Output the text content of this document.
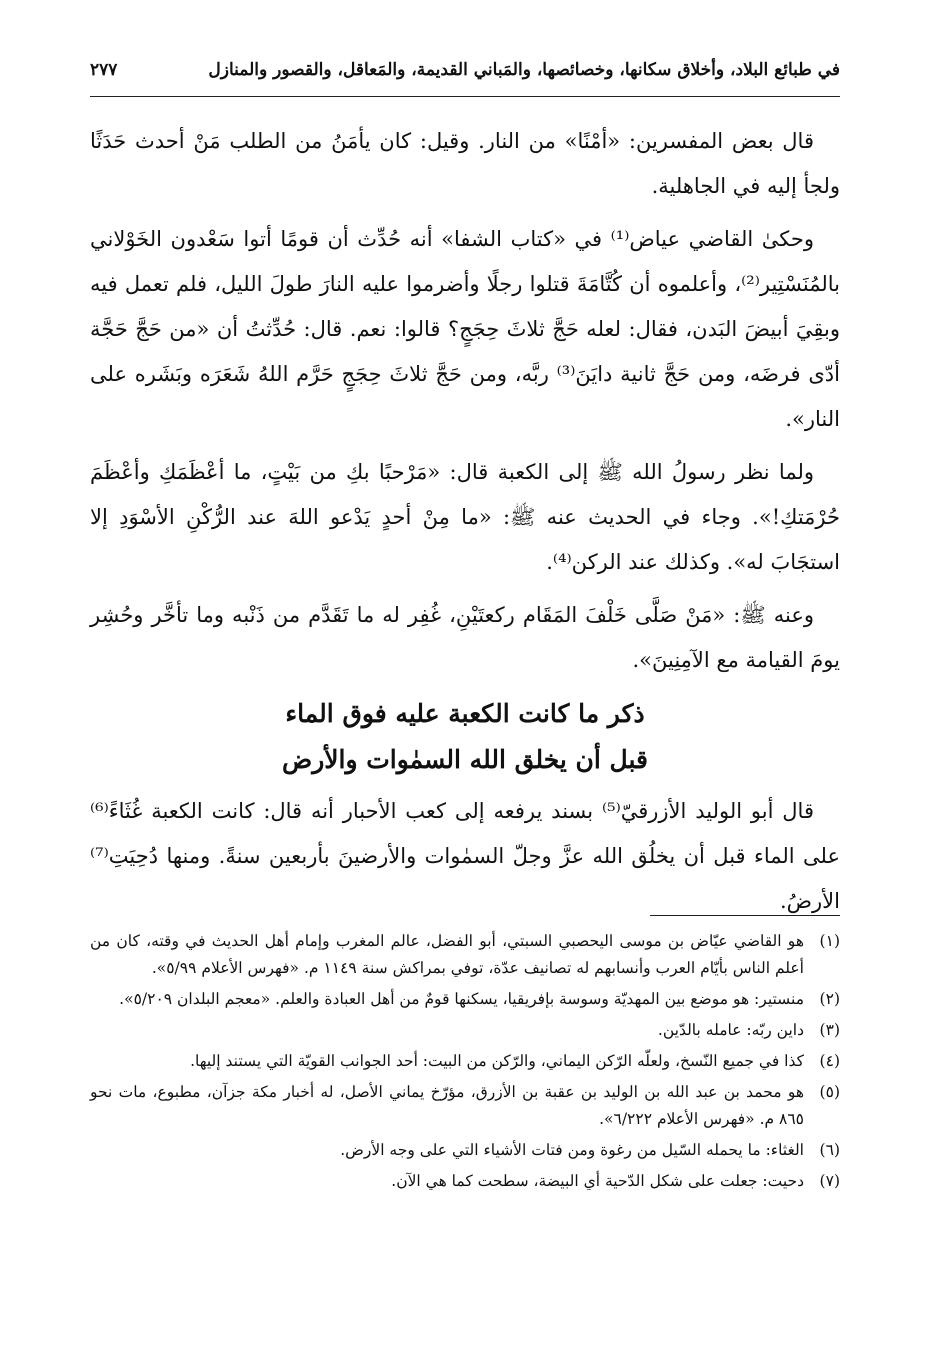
في طبائع البلاد، وأخلاق سكانها، وخصائصها، والمَباني القديمة، والمَعاقل، والقصور والمنازل
٢٧٧

قال بعض المفسرين: «أمْنًا» من النار. وقيل: كان يأمَنُ من الطلب مَنْ أحدث حَدَثًا ولجأ إليه في الجاهلية.

وحكىٰ القاضي عياض⁽¹⁾ في «كتاب الشفا» أنه حُدِّث أن قومًا أتوا سَعْدون الخَوْلاني بالمُنَسْتِير⁽²⁾، وأعلموه أن كُتَّامَةَ قتلوا رجلًا وأضرموا عليه النارَ طولَ الليل، فلم تعمل فيه وبقِيَ أبيضَ البَدن، فقال: لعله حَجَّ ثلاثَ حِجَجٍ؟ قالوا: نعم. قال: حُدِّثتُ أن «من حَجَّ حَجَّة أدّى فرضَه، ومن حَجَّ ثانية دايَنَ⁽³⁾ ربَّه، ومن حَجَّ ثلاثَ حِجَجٍ حَرَّم اللهُ شَعَرَه وبَشَره على النار».

ولما نظر رسولُ الله ﷺ إلى الكعبة قال: «مَرْحبًا بكِ من بَيْتٍ، ما أعْظَمَكِ وأعْظَمَ حُرْمَتكِ!». وجاء في الحديث عنه ﷺ: «ما مِنْ أحدٍ يَدْعو اللهَ عند الرُّكْنِ الأسْوَدِ إلا استجَابَ له». وكذلك عند الركن⁽⁴⁾.

وعنه ﷺ: «مَنْ صَلَّى خَلْفَ المَقَام ركعتَيْنِ، غُفِر له ما تَقَدَّم من ذَنْبه وما تأخَّر وحُشِر يومَ القيامة مع الآمِنِينَ».

ذكر ما كانت الكعبة عليه فوق الماء
قبل أن يخلق الله السمٰوات والأرض

قال أبو الوليد الأزرقيّ⁽⁵⁾ بسند يرفعه إلى كعب الأحبار أنه قال: كانت الكعبة غُثَاءً⁽⁶⁾ على الماء قبل أن يخلُق الله عزَّ وجلّ السمٰوات والأرضينَ بأربعين سنةً. ومنها دُحِيَتِ⁽⁷⁾ الأرضُ.

(١)
هو القاضي عيّاض بن موسى اليحصبي السبتي، أبو الفضل، عالم المغرب وإمام أهل الحديث في وقته، كان من أعلم الناس بأيّام العرب وأنسابهم له تصانيف عدّة، توفي بمراكش سنة ١١٤٩ م. «فهرس الأعلام ٥/٩٩».
(٢)
منستير: هو موضع بين المهديّة وسوسة بإفريقيا، يسكنها قومٌ من أهل العبادة والعلم. «معجم البلدان ٥/٢٠٩».
(٣)
داين ربّه: عامله بالدّين.
(٤)
كذا في جميع النّسخ، ولعلّه الرّكن اليماني، والرّكن من البيت: أحد الجوانب القويّة التي يستند إليها.
(٥)
هو محمد بن عبد الله بن الوليد بن عقبة بن الأزرق، مؤرّخ يماني الأصل، له أخبار مكة جزآن، مطبوع، مات نحو ٨٦٥ م. «فهرس الأعلام ٦/٢٢٢».
(٦)
الغثاء: ما يحمله السّيل من رغوة ومن فتات الأشياء التي على وجه الأرض.
(٧)
دحيت: جعلت على شكل الدّحية أي البيضة، سطحت كما هي الآن.
